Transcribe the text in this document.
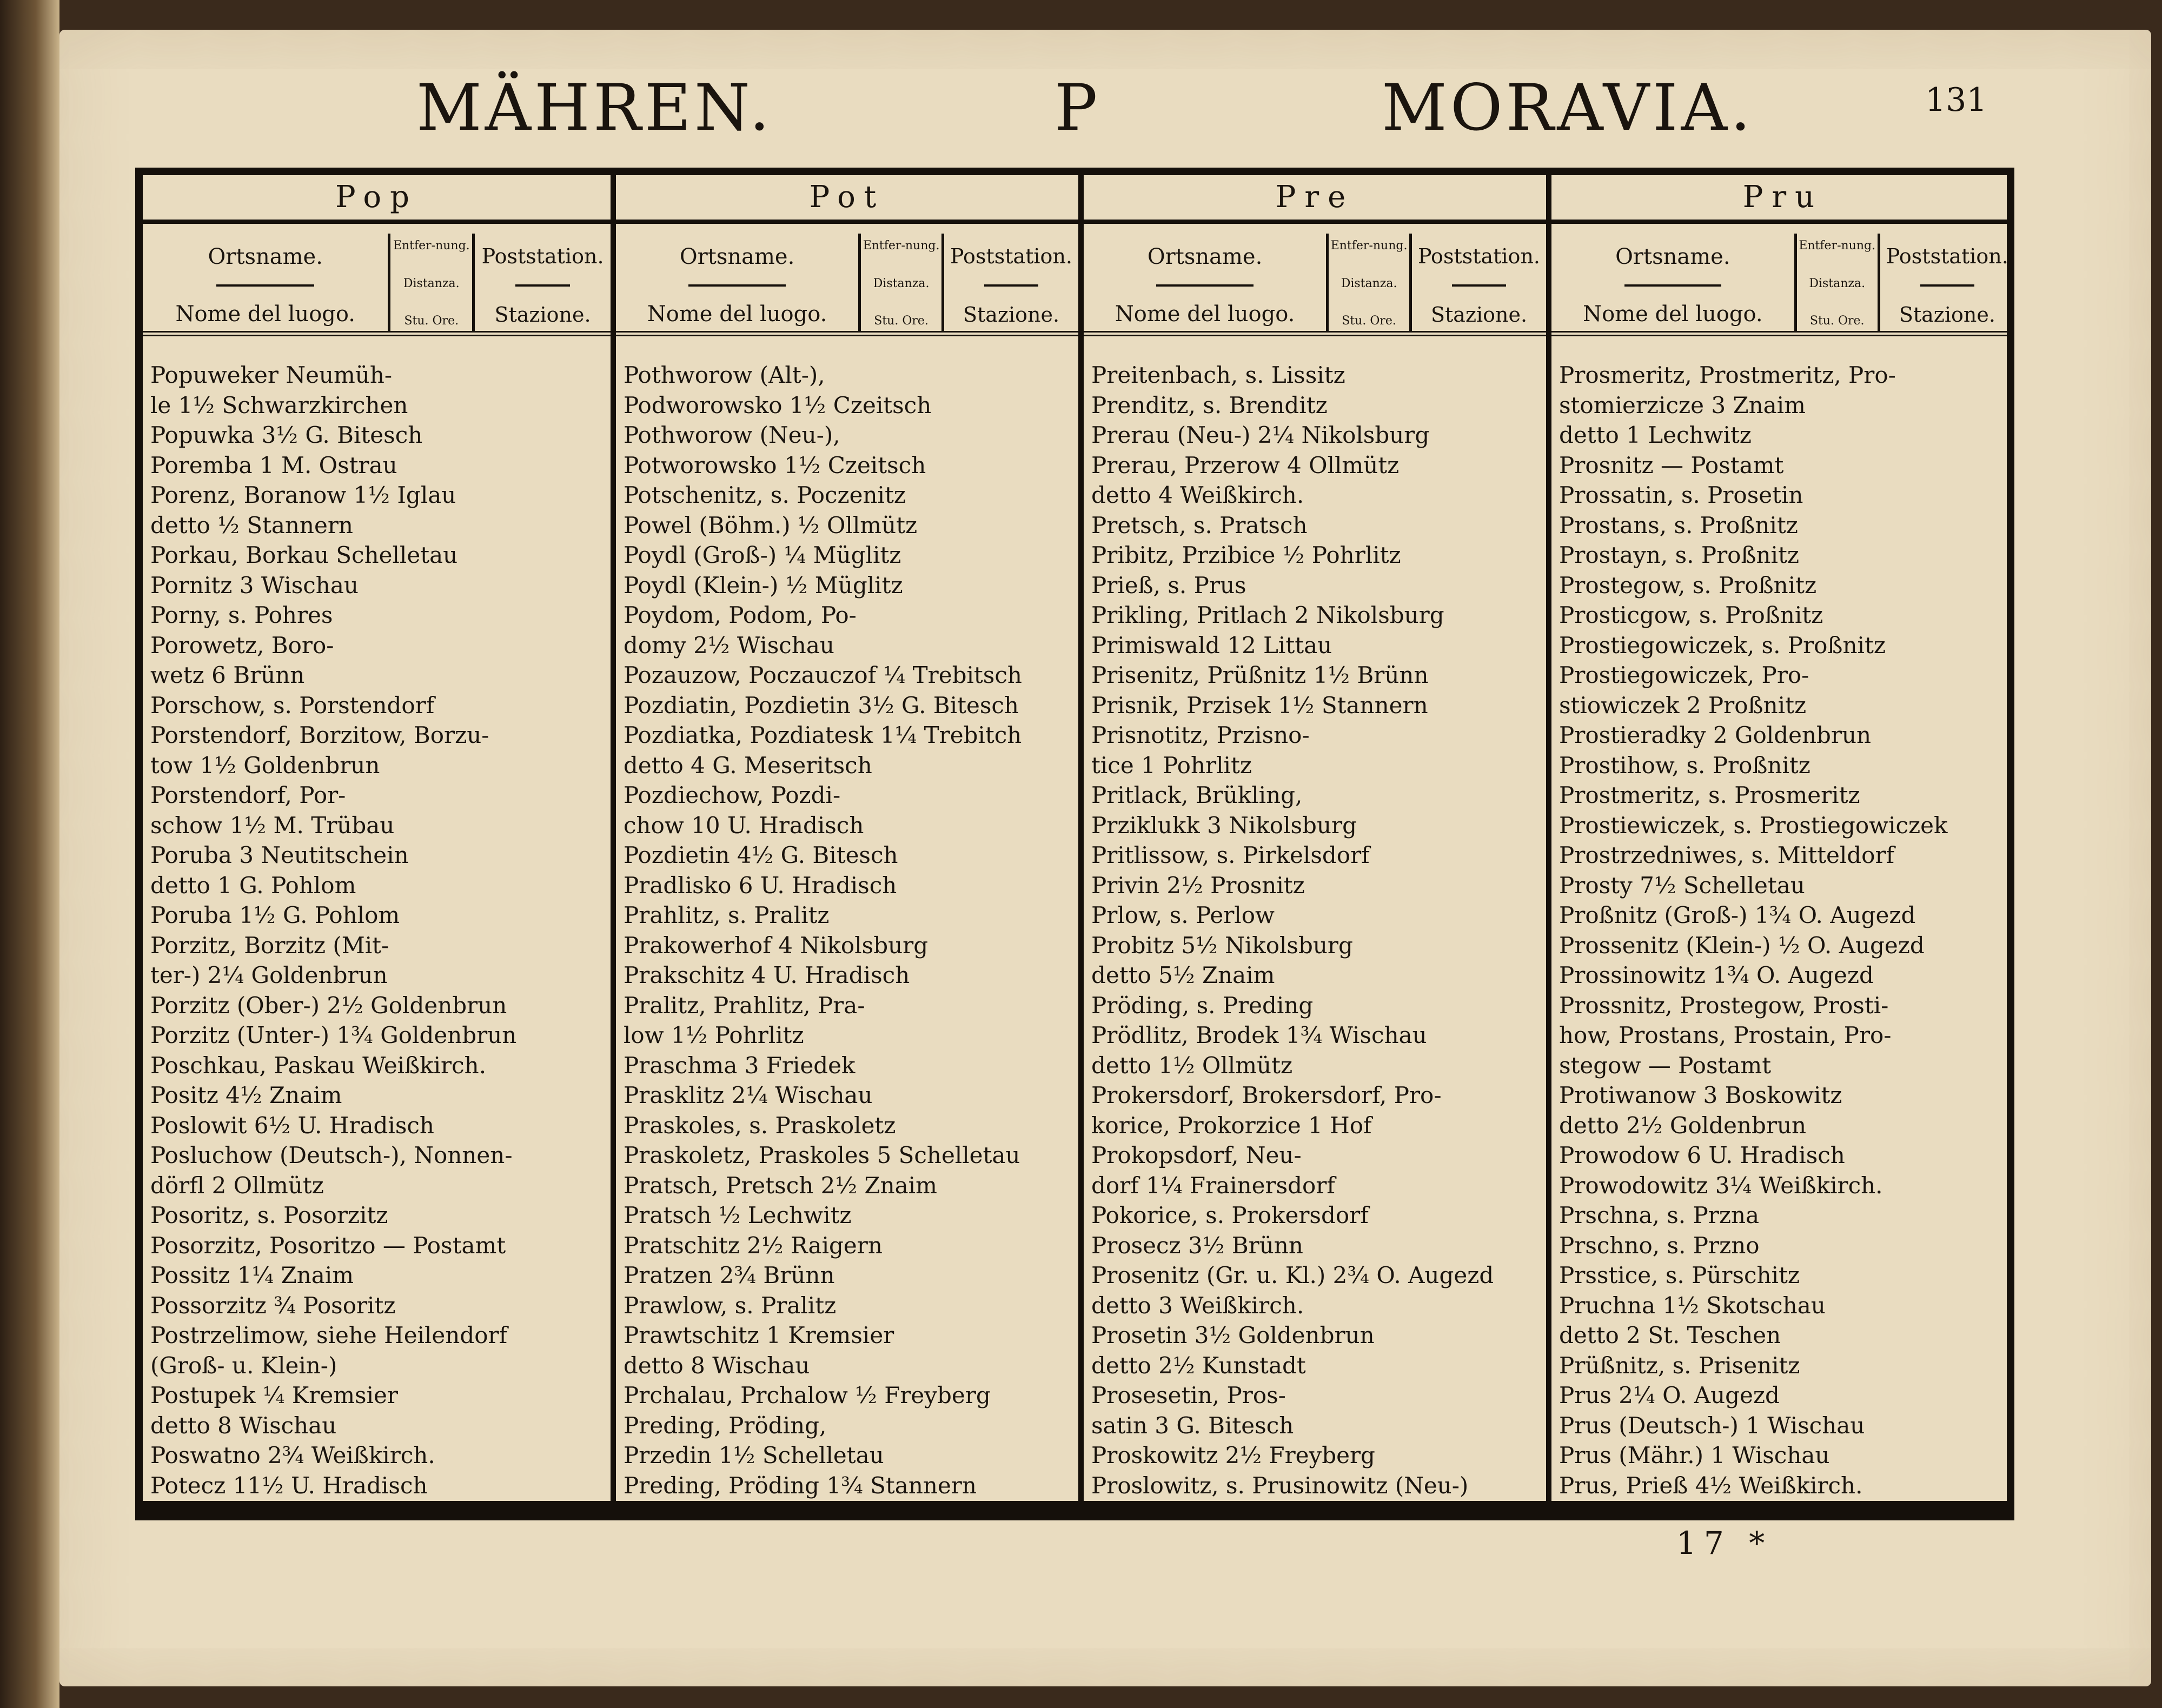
MÄHREN.	P	MORAVIA.	131
Pop
Ortsname.
Nome del luogo.
Entfer-nung.
Distanza.
Stu. Ore.
Poststation.
Stazione.
Popuweker Neumüh-
le 1½ Schwarzkirchen
Popuwka 3½ G. Bitesch
Poremba 1 M. Ostrau
Porenz, Boranow 1½ Iglau
detto ½ Stannern
Porkau, Borkau Schelletau
Pornitz 3 Wischau
Porny, s. Pohres
Porowetz, Boro-
wetz 6 Brünn
Porschow, s. Porstendorf
Porstendorf, Borzitow, Borzu-
tow 1½ Goldenbrun
Porstendorf, Por-
schow 1½ M. Trübau
Poruba 3 Neutitschein
detto 1 G. Pohlom
Poruba 1½ G. Pohlom
Porzitz, Borzitz (Mit-
ter-) 2¼ Goldenbrun
Porzitz (Ober-) 2½ Goldenbrun
Porzitz (Unter-) 1¾ Goldenbrun
Poschkau, Paskau Weißkirch.
Positz 4½ Znaim
Poslowit 6½ U. Hradisch
Posluchow (Deutsch-), Nonnen-
dörfl 2 Ollmütz
Posoritz, s. Posorzitz
Posorzitz, Posoritzo — Postamt
Possitz 1¼ Znaim
Possorzitz ¾ Posoritz
Postrzelimow, siehe Heilendorf
(Groß- u. Klein-)
Postupek ¼ Kremsier
detto 8 Wischau
Poswatno 2¾ Weißkirch.
Potecz 11½ U. Hradisch
Pot
Ortsname.
Nome del luogo.
Entfer-nung.
Distanza.
Stu. Ore.
Poststation.
Stazione.
Pothworow (Alt-),
Podworowsko 1½ Czeitsch
Pothworow (Neu-),
Potworowsko 1½ Czeitsch
Potschenitz, s. Poczenitz
Powel (Böhm.) ½ Ollmütz
Poydl (Groß-) ¼ Müglitz
Poydl (Klein-) ½ Müglitz
Poydom, Podom, Po-
domy 2½ Wischau
Pozauzow, Poczauczof ¼ Trebitsch
Pozdiatin, Pozdietin 3½ G. Bitesch
Pozdiatka, Pozdiatesk 1¼ Trebitch
detto 4 G. Meseritsch
Pozdiechow, Pozdi-
chow 10 U. Hradisch
Pozdietin 4½ G. Bitesch
Pradlisko 6 U. Hradisch
Prahlitz, s. Pralitz
Prakowerhof 4 Nikolsburg
Prakschitz 4 U. Hradisch
Pralitz, Prahlitz, Pra-
low 1½ Pohrlitz
Praschma 3 Friedek
Prasklitz 2¼ Wischau
Praskoles, s. Praskoletz
Praskoletz, Praskoles 5 Schelletau
Pratsch, Pretsch 2½ Znaim
Pratsch ½ Lechwitz
Pratschitz 2½ Raigern
Pratzen 2¾ Brünn
Prawlow, s. Pralitz
Prawtschitz 1 Kremsier
detto 8 Wischau
Prchalau, Prchalow ½ Freyberg
Preding, Pröding,
Przedin 1½ Schelletau
Preding, Pröding 1¾ Stannern
Pre
Ortsname.
Nome del luogo.
Entfer-nung.
Distanza.
Stu. Ore.
Poststation.
Stazione.
Preitenbach, s. Lissitz
Prenditz, s. Brenditz
Prerau (Neu-) 2¼ Nikolsburg
Prerau, Przerow 4 Ollmütz
detto 4 Weißkirch.
Pretsch, s. Pratsch
Pribitz, Przibice ½ Pohrlitz
Prieß, s. Prus
Prikling, Pritlach 2 Nikolsburg
Primiswald 12 Littau
Prisenitz, Prüßnitz 1½ Brünn
Prisnik, Przisek 1½ Stannern
Prisnotitz, Przisno-
tice 1 Pohrlitz
Pritlack, Brükling,
Prziklukk 3 Nikolsburg
Pritlissow, s. Pirkelsdorf
Privin 2½ Prosnitz
Prlow, s. Perlow
Probitz 5½ Nikolsburg
detto 5½ Znaim
Pröding, s. Preding
Prödlitz, Brodek 1¾ Wischau
detto 1½ Ollmütz
Prokersdorf, Brokersdorf, Pro-
korice, Prokorzice 1 Hof
Prokopsdorf, Neu-
dorf 1¼ Frainersdorf
Pokorice, s. Prokersdorf
Prosecz 3½ Brünn
Prosenitz (Gr. u. Kl.) 2¾ O. Augezd
detto 3 Weißkirch.
Prosetin 3½ Goldenbrun
detto 2½ Kunstadt
Prosesetin, Pros-
satin 3 G. Bitesch
Proskowitz 2½ Freyberg
Proslowitz, s. Prusinowitz (Neu-)
Pru
Ortsname.
Nome del luogo.
Entfer-nung.
Distanza.
Stu. Ore.
Poststation.
Stazione.
Prosmeritz, Prostmeritz, Pro-
stomierzicze 3 Znaim
detto 1 Lechwitz
Prosnitz — Postamt
Prossatin, s. Prosetin
Prostans, s. Proßnitz
Prostayn, s. Proßnitz
Prostegow, s. Proßnitz
Prosticgow, s. Proßnitz
Prostiegowiczek, s. Proßnitz
Prostiegowiczek, Pro-
stiowiczek 2 Proßnitz
Prostieradky 2 Goldenbrun
Prostihow, s. Proßnitz
Prostmeritz, s. Prosmeritz
Prostiewiczek, s. Prostiegowiczek
Prostrzedniwes, s. Mitteldorf
Prosty 7½ Schelletau
Proßnitz (Groß-) 1¾ O. Augezd
Prossenitz (Klein-) ½ O. Augezd
Prossinowitz 1¾ O. Augezd
Prossnitz, Prostegow, Prosti-
how, Prostans, Prostain, Pro-
stegow — Postamt
Protiwanow 3 Boskowitz
detto 2½ Goldenbrun
Prowodow 6 U. Hradisch
Prowodowitz 3¼ Weißkirch.
Prschna, s. Przna
Prschno, s. Przno
Prsstice, s. Pürschitz
Pruchna 1½ Skotschau
detto 2 St. Teschen
Prüßnitz, s. Prisenitz
Prus 2¼ O. Augezd
Prus (Deutsch-) 1 Wischau
Prus (Mähr.) 1 Wischau
Prus, Prieß 4½ Weißkirch.
17 *
